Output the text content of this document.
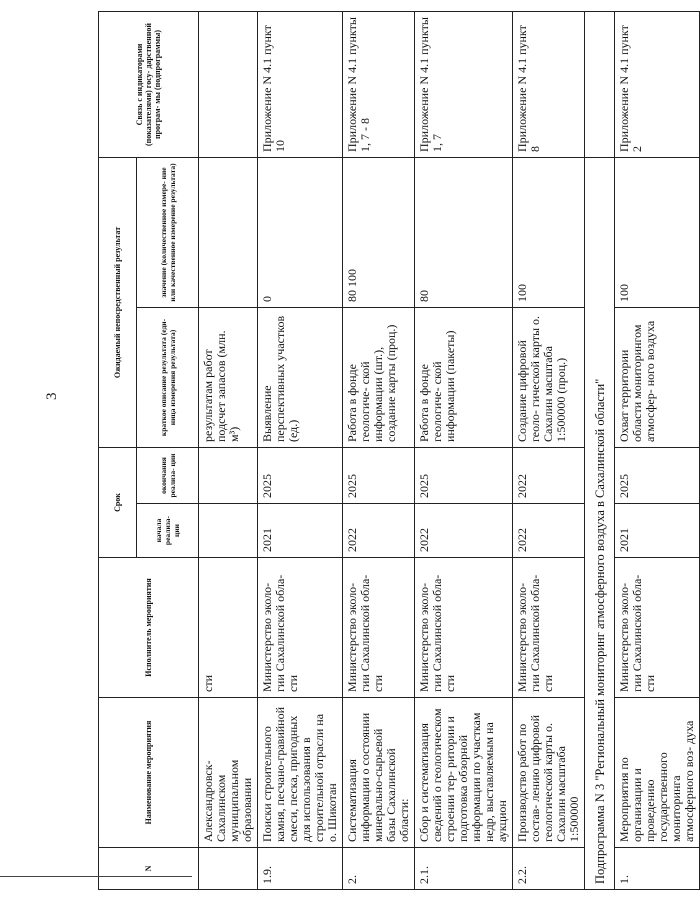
3
N	Наименование мероприятия	Исполнитель мероприятия	Срок		Ожидаемый непосредственный результат		Связь с индикаторами (показателями) госу- дарственной програм- мы (подпрограммы)
			начала реализа- ции	окончания реализа- ции	краткое описание результата (еди- ница измерения результата)	значение (количественное измере- ние или качественное измерение результата)	
	Александровск-Сахалинском муниципальном образовании	сти			результатам работ подсчет запасов (млн. м³)		
1.9.	Поиски строительного камня, песчано-гравийной смеси, песка, пригодных для использования в строительной отрасли на о. Шикотан	Министерство эколо- гии Сахалинской обла- сти	2021	2025	Выявление перспективных участков (ед.)	0	Приложение N 4.1 пункт 10
2.	Систематизация информации о состоянии минерально-сырьевой базы Сахалинской области:	Министерство эколо- гии Сахалинской обла- сти	2022	2025	Работа в фонде геологиче- ской информации (шт.), создание карты (проц.)	80 100	Приложение N 4.1 пункты 1, 7 - 8
2.1.	Сбор и систематизация сведений о геологическом строении тер- ритории и подготовка обзорной информации по участкам недр, выставляемым на аукцион	Министерство эколо- гии Сахалинской обла- сти	2022	2025	Работа в фонде геологиче- ской информации (пакеты)	80	Приложение N 4.1 пункты 1, 7
2.2.	Производство работ по состав- лению цифровой геологической карты о. Сахалин масштаба 1:500000	Министерство эколо- гии Сахалинской обла- сти	2022	2022	Создание цифровой геоло- гической карты о. Сахалин масштаба 1:500000 (проц.)	100	Приложение N 4.1 пункт 8
Подпрограмма N 3 "Региональный мониторинг атмосферного воздуха в Сахалинской области"							
1.	Мероприятия по организации и проведению государственного мониторинга атмосферного воз- духа	Министерство эколо- гии Сахалинской обла- сти	2021	2025	Охват территории области мониторингом атмосфер- ного воздуха	100	Приложение N 4.1 пункт 2
